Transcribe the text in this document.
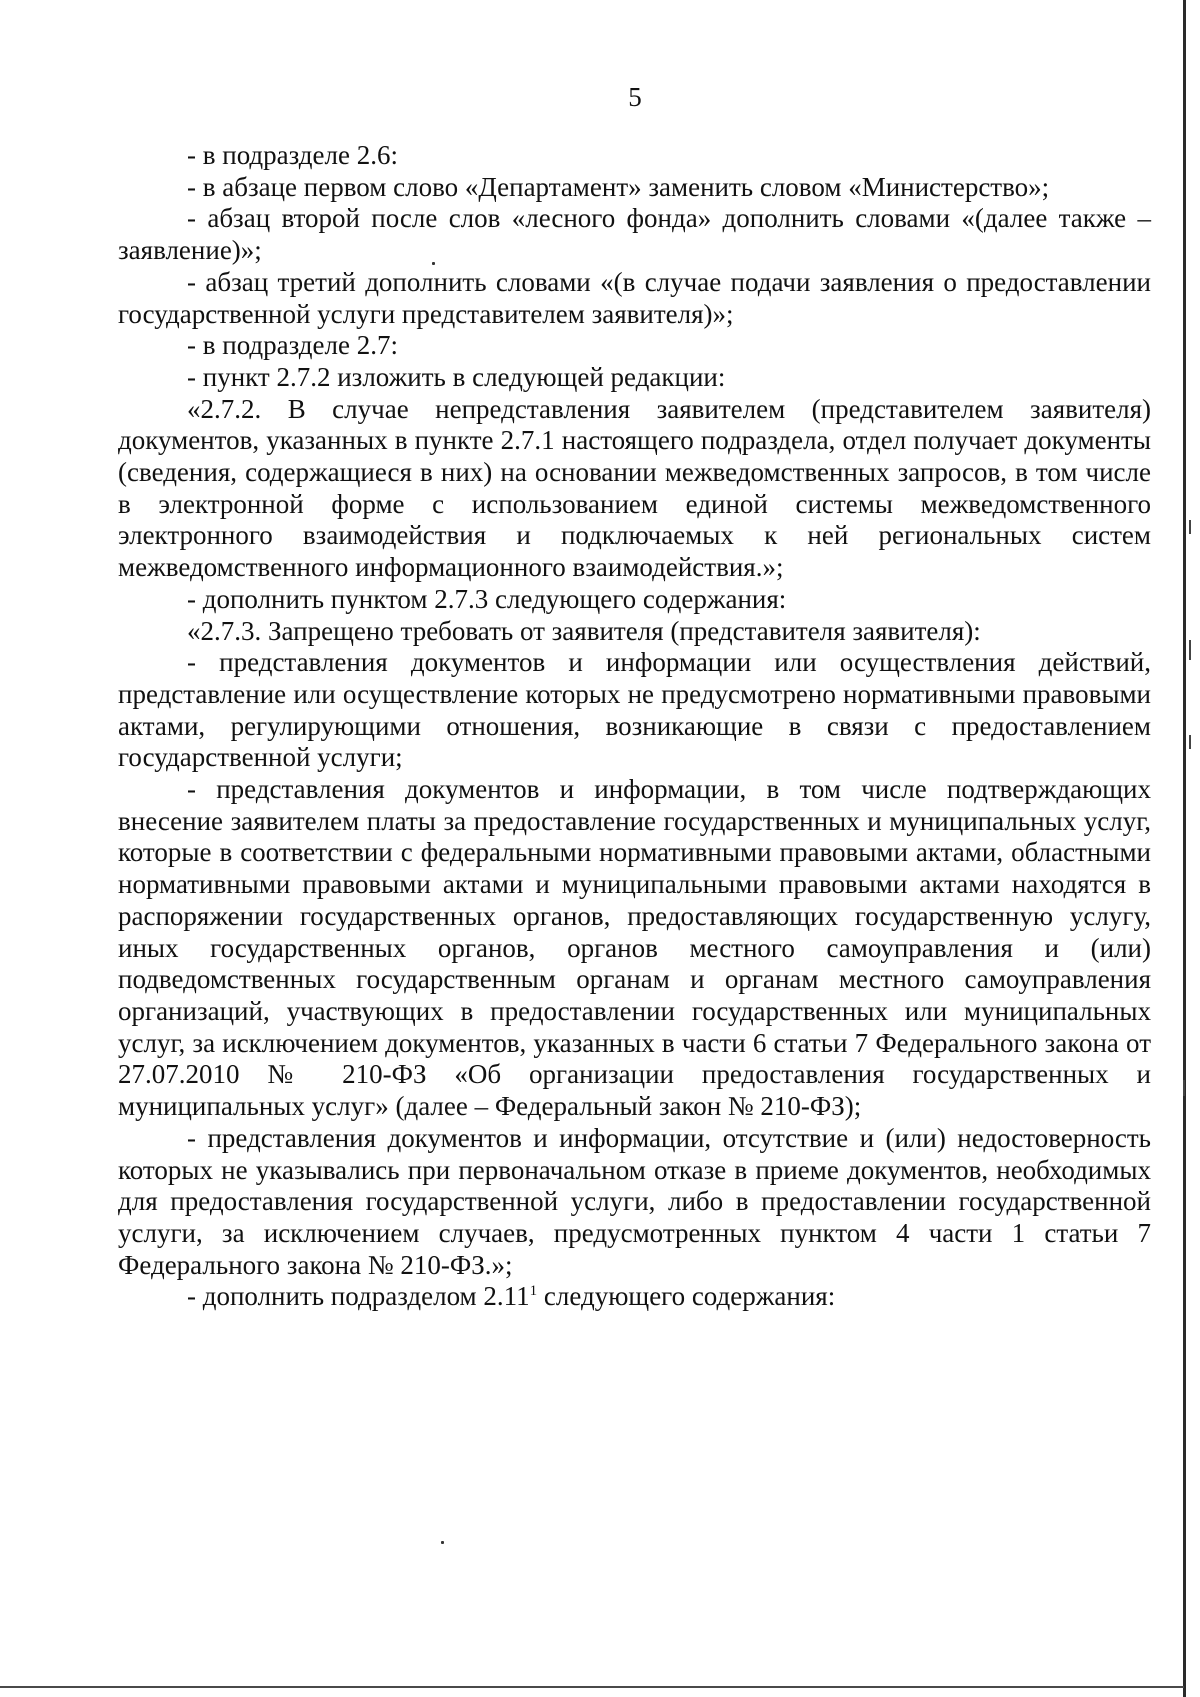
5

- в подразделе 2.6:

- в абзаце первом слово «Департамент» заменить словом «Министерство»;

- абзац второй после слов «лесного фонда» дополнить словами «(далее также – заявление)»;

- абзац третий дополнить словами «(в случае подачи заявления о предоставлении государственной услуги представителем заявителя)»;

- в подразделе 2.7:

- пункт 2.7.2 изложить в следующей редакции:

«2.7.2. В случае непредставления заявителем (представителем заявителя) документов, указанных в пункте 2.7.1 настоящего подраздела, отдел получает документы (сведения, содержащиеся в них) на основании межведомственных запросов, в том числе в электронной форме с использованием единой системы межведомственного электронного взаимодействия и подключаемых к ней региональных систем межведомственного информационного взаимодействия.»;

- дополнить пунктом 2.7.3 следующего содержания:

«2.7.3. Запрещено требовать от заявителя (представителя заявителя):

- представления документов и информации или осуществления действий, представление или осуществление которых не предусмотрено нормативными правовыми актами, регулирующими отношения, возникающие в связи с предоставлением государственной услуги;

- представления документов и информации, в том числе подтверждающих внесение заявителем платы за предоставление государственных и муниципальных услуг, которые в соответствии с федеральными нормативными правовыми актами, областными нормативными правовыми актами и муниципальными правовыми актами находятся в распоряжении государственных органов, предоставляющих государственную услугу, иных государственных органов, органов местного самоуправления и (или) подведомственных государственным органам и органам местного самоуправления организаций, участвующих в предоставлении государственных или муниципальных услуг, за исключением документов, указанных в части 6 статьи 7 Федерального закона от 27.07.2010 № 210-ФЗ «Об организации предоставления государственных и муниципальных услуг» (далее – Федеральный закон № 210-ФЗ);

- представления документов и информации, отсутствие и (или) недостоверность которых не указывались при первоначальном отказе в приеме документов, необходимых для предоставления государственной услуги, либо в предоставлении государственной услуги, за исключением случаев, предусмотренных пунктом 4 части 1 статьи 7 Федерального закона № 210-ФЗ.»;

- дополнить подразделом 2.11$^1$ следующего содержания:
